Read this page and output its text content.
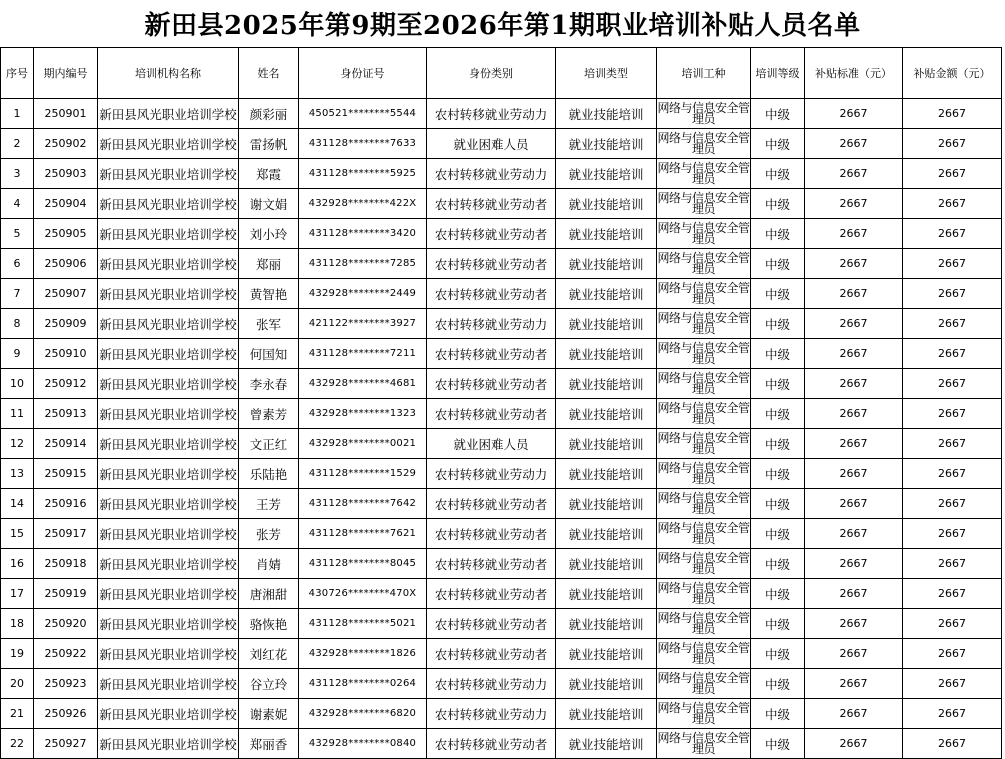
新田县2025年第9期至2026年第1期职业培训补贴人员名单
序号	期内编号	培训机构名称	姓名	身份证号	身份类别	培训类型	培训工种	培训等级	补贴标准（元）	补贴金额（元）
1	250901	新田县风光职业培训学校	颜彩丽	450521********5544	农村转移就业劳动力	就业技能培训	网络与信息安全管理员	中级	2667	2667
2	250902	新田县风光职业培训学校	雷扬帆	431128********7633	就业困难人员	就业技能培训	网络与信息安全管理员	中级	2667	2667
3	250903	新田县风光职业培训学校	郑霞	431128********5925	农村转移就业劳动力	就业技能培训	网络与信息安全管理员	中级	2667	2667
4	250904	新田县风光职业培训学校	谢文娟	432928********422X	农村转移就业劳动者	就业技能培训	网络与信息安全管理员	中级	2667	2667
5	250905	新田县风光职业培训学校	刘小玲	431128********3420	农村转移就业劳动者	就业技能培训	网络与信息安全管理员	中级	2667	2667
6	250906	新田县风光职业培训学校	郑丽	431128********7285	农村转移就业劳动者	就业技能培训	网络与信息安全管理员	中级	2667	2667
7	250907	新田县风光职业培训学校	黄智艳	432928********2449	农村转移就业劳动者	就业技能培训	网络与信息安全管理员	中级	2667	2667
8	250909	新田县风光职业培训学校	张军	421122********3927	农村转移就业劳动力	就业技能培训	网络与信息安全管理员	中级	2667	2667
9	250910	新田县风光职业培训学校	何国知	431128********7211	农村转移就业劳动者	就业技能培训	网络与信息安全管理员	中级	2667	2667
10	250912	新田县风光职业培训学校	李永春	432928********4681	农村转移就业劳动者	就业技能培训	网络与信息安全管理员	中级	2667	2667
11	250913	新田县风光职业培训学校	曾素芳	432928********1323	农村转移就业劳动者	就业技能培训	网络与信息安全管理员	中级	2667	2667
12	250914	新田县风光职业培训学校	文正红	432928********0021	就业困难人员	就业技能培训	网络与信息安全管理员	中级	2667	2667
13	250915	新田县风光职业培训学校	乐陆艳	431128********1529	农村转移就业劳动力	就业技能培训	网络与信息安全管理员	中级	2667	2667
14	250916	新田县风光职业培训学校	王芳	431128********7642	农村转移就业劳动者	就业技能培训	网络与信息安全管理员	中级	2667	2667
15	250917	新田县风光职业培训学校	张芳	431128********7621	农村转移就业劳动者	就业技能培训	网络与信息安全管理员	中级	2667	2667
16	250918	新田县风光职业培训学校	肖婧	431128********8045	农村转移就业劳动者	就业技能培训	网络与信息安全管理员	中级	2667	2667
17	250919	新田县风光职业培训学校	唐湘甜	430726********470X	农村转移就业劳动者	就业技能培训	网络与信息安全管理员	中级	2667	2667
18	250920	新田县风光职业培训学校	骆恢艳	431128********5021	农村转移就业劳动者	就业技能培训	网络与信息安全管理员	中级	2667	2667
19	250922	新田县风光职业培训学校	刘红花	432928********1826	农村转移就业劳动者	就业技能培训	网络与信息安全管理员	中级	2667	2667
20	250923	新田县风光职业培训学校	谷立玲	431128********0264	农村转移就业劳动力	就业技能培训	网络与信息安全管理员	中级	2667	2667
21	250926	新田县风光职业培训学校	谢素妮	432928********6820	农村转移就业劳动力	就业技能培训	网络与信息安全管理员	中级	2667	2667
22	250927	新田县风光职业培训学校	郑丽香	432928********0840	农村转移就业劳动者	就业技能培训	网络与信息安全管理员	中级	2667	2667
